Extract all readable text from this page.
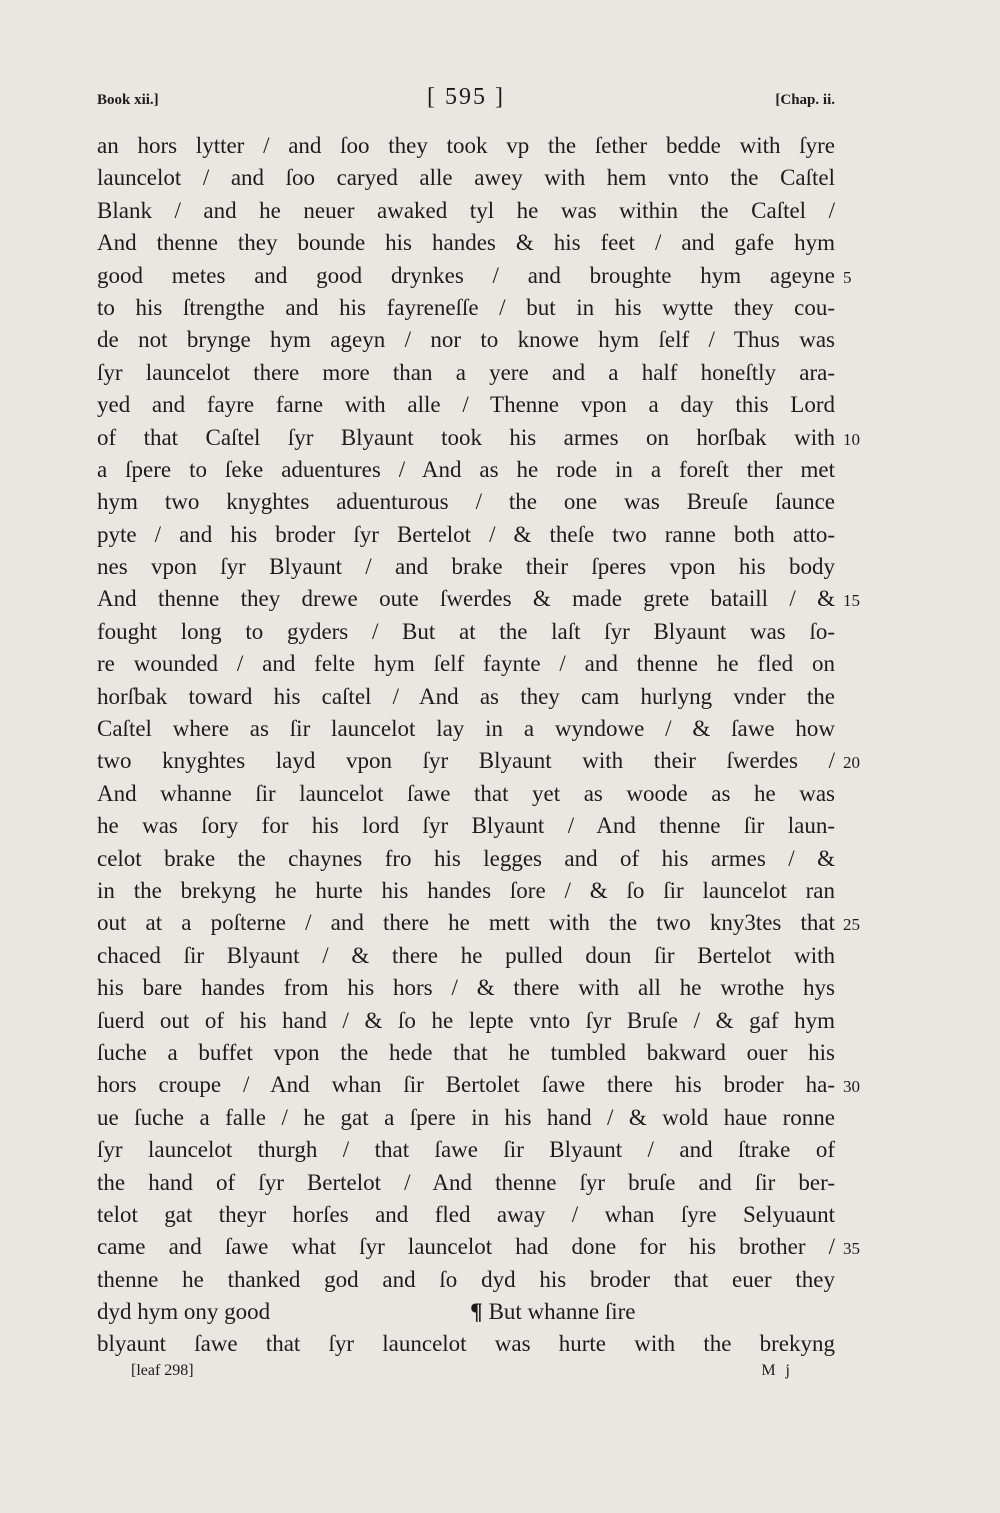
Book xii.]	[ 595 ]	[Chap. ii.
an hors lytter / and ſoo they took vp the ſether bedde with ſyre
launcelot / and ſoo caryed alle awey with hem vnto the Caſtel
Blank / and he neuer awaked tyl he was within the Caſtel /
And thenne they bounde his handes & his feet / and gafe hym
good metes and good drynkes / and broughte hym ageyne 5
to his ſtrengthe and his fayreneſſe / but in his wytte they cou-
de not brynge hym ageyn / nor to knowe hym ſelf / Thus was
ſyr launcelot there more than a yere and a half honeſtly ara-
yed and fayre farne with alle / Thenne vpon a day this Lord
of that Caſtel ſyr Blyaunt took his armes on horſbak with 10
a ſpere to ſeke aduentures / And as he rode in a foreſt ther met
hym two knyghtes aduenturous / the one was Breuſe ſaunce
pyte / and his broder ſyr Bertelot / & theſe two ranne both atto-
nes vpon ſyr Blyaunt / and brake their ſperes vpon his body
And thenne they drewe oute ſwerdes & made grete bataill / & 15
fought long to gyders / But at the laſt ſyr Blyaunt was ſo-
re wounded / and felte hym ſelf faynte / and thenne he fled on
horſbak toward his caſtel / And as they cam hurlyng vnder the
Caſtel where as ſir launcelot lay in a wyndowe / & ſawe how
two knyghtes layd vpon ſyr Blyaunt with their ſwerdes / 20
And whanne ſir launcelot ſawe that yet as woode as he was
he was ſory for his lord ſyr Blyaunt / And thenne ſir laun-
celot brake the chaynes fro his legges and of his armes / &
in the brekyng he hurte his handes ſore / & ſo ſir launcelot ran
out at a poſterne / and there he mett with the two kny3tes that 25
chaced ſir Blyaunt / & there he pulled doun ſir Bertelot with
his bare handes from his hors / & there with all he wrothe hys
ſuerd out of his hand / & ſo he lepte vnto ſyr Bruſe / & gaf hym
ſuche a buffet vpon the hede that he tumbled bakward ouer his
hors croupe / And whan ſir Bertolet ſawe there his broder ha- 30
ue ſuche a falle / he gat a ſpere in his hand / & wold haue ronne
ſyr launcelot thurgh / that ſawe ſir Blyaunt / and ſtrake of
the hand of ſyr Bertelot / And thenne ſyr bruſe and ſir ber-
telot gat theyr horſes and fled away / whan ſyre Selyuaunt
came and ſawe what ſyr launcelot had done for his brother / 35
thenne he thanked god and ſo dyd his broder that euer they
dyd hym ony good	¶ But whanne ſire
blyaunt ſawe that ſyr launcelot was hurte with the brekyng
[leaf 298]	M j
